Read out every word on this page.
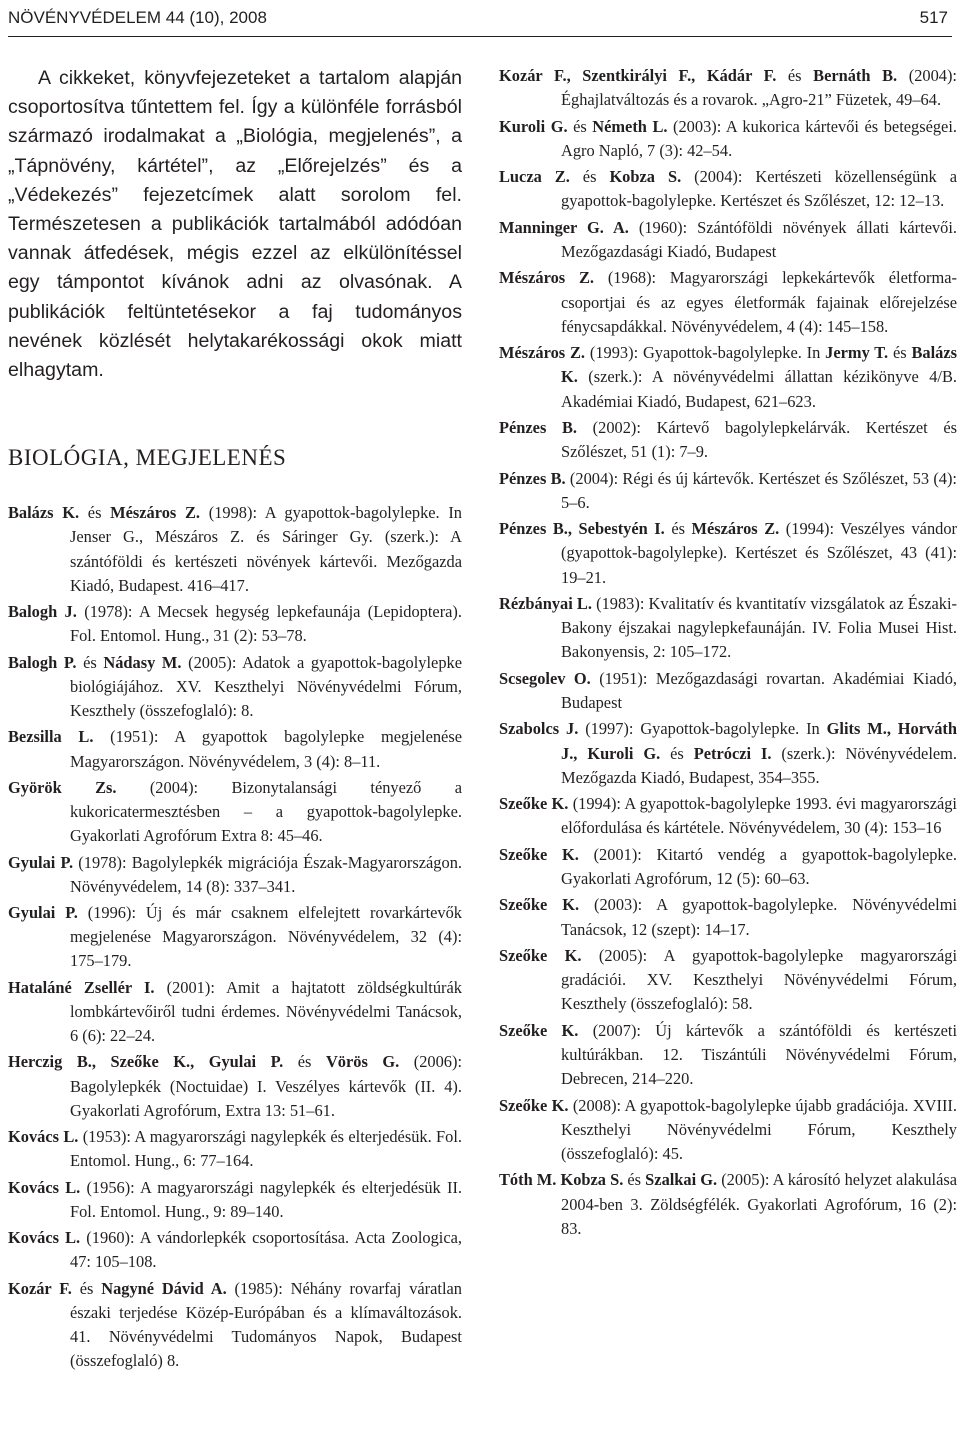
NÖVÉNYVÉDELEM 44 (10), 2008	517

A cikkeket, könyvfejezeteket a tartalom alapján csoportosítva tűntettem fel. Így a különféle forrásból származó irodalmakat a „Biológia, megjelenés”, a „Tápnövény, kártétel”, az „Előrejelzés” és a „Védekezés” fejezetcímek alatt sorolom fel. Természetesen a publikációk tartalmából adódóan vannak átfedések, mégis ezzel az elkülönítéssel egy támpontot kívánok adni az olvasónak. A publikációk feltüntetésekor a faj tudományos nevének közlését helytakarékossági okok miatt elhagytam.

BIOLÓGIA, MEGJELENÉS

Balázs K. és Mészáros Z. (1998): A gyapottok-bagolylepke. In Jenser G., Mészáros Z. és Sáringer Gy. (szerk.): A szántóföldi és kertészeti növények kártevői. Mezőgazda Kiadó, Budapest. 416–417.

Balogh J. (1978): A Mecsek hegység lepkefaunája (Lepidoptera). Fol. Entomol. Hung., 31 (2): 53–78.

Balogh P. és Nádasy M. (2005): Adatok a gyapottok-bagolylepke biológiájához. XV. Keszthelyi Növényvédelmi Fórum, Keszthely (összefoglaló): 8.

Bezsilla L. (1951): A gyapottok bagolylepke megjelenése Magyarországon. Növényvédelem, 3 (4): 8–11.

Györök Zs. (2004): Bizonytalansági tényező a kukoricatermesztésben – a gyapottok-bagolylepke. Gyakorlati Agrofórum Extra 8: 45–46.

Gyulai P. (1978): Bagolylepkék migrációja Észak-Magyarországon. Növényvédelem, 14 (8): 337–341.

Gyulai P. (1996): Új és már csaknem elfelejtett rovarkártevők megjelenése Magyarországon. Növényvédelem, 32 (4): 175–179.

Hataláné Zsellér I. (2001): Amit a hajtatott zöldségkultúrák lombkártevőiről tudni érdemes. Növényvédelmi Tanácsok, 6 (6): 22–24.

Herczig B., Szeőke K., Gyulai P. és Vörös G. (2006): Bagolylepkék (Noctuidae) I. Veszélyes kártevők (II. 4). Gyakorlati Agrofórum, Extra 13: 51–61.

Kovács L. (1953): A magyarországi nagylepkék és elterjedésük. Fol. Entomol. Hung., 6: 77–164.

Kovács L. (1956): A magyarországi nagylepkék és elterjedésük II. Fol. Entomol. Hung., 9: 89–140.

Kovács L. (1960): A vándorlepkék csoportosítása. Acta Zoologica, 47: 105–108.

Kozár F. és Nagyné Dávid A. (1985): Néhány rovarfaj váratlan északi terjedése Közép-Európában és a klímaváltozások. 41. Növényvédelmi Tudományos Napok, Budapest (összefoglaló) 8.

Kozár F., Szentkirályi F., Kádár F. és Bernáth B. (2004): Éghajlatváltozás és a rovarok. „Agro-21” Füzetek, 49–64.

Kuroli G. és Németh L. (2003): A kukorica kártevői és betegségei. Agro Napló, 7 (3): 42–54.

Lucza Z. és Kobza S. (2004): Kertészeti közellenségünk a gyapottok-bagolylepke. Kertészet és Szőlészet, 12: 12–13.

Manninger G. A. (1960): Szántóföldi növények állati kártevői. Mezőgazdasági Kiadó, Budapest

Mészáros Z. (1968): Magyarországi lepkekártevők életforma-csoportjai és az egyes életformák fajainak előrejelzése fénycsapdákkal. Növényvédelem, 4 (4): 145–158.

Mészáros Z. (1993): Gyapottok-bagolylepke. In Jermy T. és Balázs K. (szerk.): A növényvédelmi állattan kézikönyve 4/B. Akadémiai Kiadó, Budapest, 621–623.

Pénzes B. (2002): Kártevő bagolylepkelárvák. Kertészet és Szőlészet, 51 (1): 7–9.

Pénzes B. (2004): Régi és új kártevők. Kertészet és Szőlészet, 53 (4): 5–6.

Pénzes B., Sebestyén I. és Mészáros Z. (1994): Veszélyes vándor (gyapottok-bagolylepke). Kertészet és Szőlészet, 43 (41): 19–21.

Rézbányai L. (1983): Kvalitatív és kvantitatív vizsgálatok az Északi-Bakony éjszakai nagylepkefaunáján. IV. Folia Musei Hist. Bakonyensis, 2: 105–172.

Scsegolev O. (1951): Mezőgazdasági rovartan. Akadémiai Kiadó, Budapest

Szabolcs J. (1997): Gyapottok-bagolylepke. In Glits M., Horváth J., Kuroli G. és Petróczi I. (szerk.): Növényvédelem. Mezőgazda Kiadó, Budapest, 354–355.

Szeőke K. (1994): A gyapottok-bagolylepke 1993. évi magyarországi előfordulása és kártétele. Növényvédelem, 30 (4): 153–16

Szeőke K. (2001): Kitartó vendég a gyapottok-bagolylepke. Gyakorlati Agrofórum, 12 (5): 60–63.

Szeőke K. (2003): A gyapottok-bagolylepke. Növényvédelmi Tanácsok, 12 (szept): 14–17.

Szeőke K. (2005): A gyapottok-bagolylepke magyarországi gradációi. XV. Keszthelyi Növényvédelmi Fórum, Keszthely (összefoglaló): 58.

Szeőke K. (2007): Új kártevők a szántóföldi és kertészeti kultúrákban. 12. Tiszántúli Növényvédelmi Fórum, Debrecen, 214–220.

Szeőke K. (2008): A gyapottok-bagolylepke újabb gradációja. XVIII. Keszthelyi Növényvédelmi Fórum, Keszthely (összefoglaló): 45.

Tóth M. Kobza S. és Szalkai G. (2005): A károsító helyzet alakulása 2004-ben 3. Zöldségfélék. Gyakorlati Agrofórum, 16 (2): 83.
